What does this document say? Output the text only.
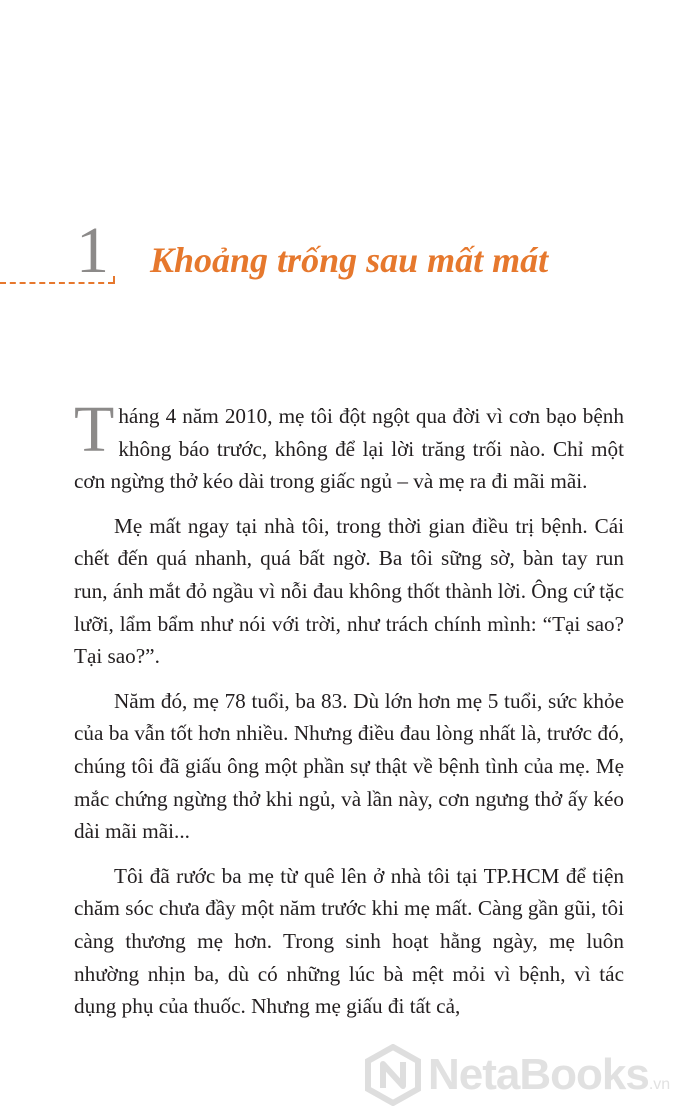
1 Khoảng trống sau mất mát

Tháng 4 năm 2010, mẹ tôi đột ngột qua đời vì cơn bạo bệnh không báo trước, không để lại lời trăng trối nào. Chỉ một cơn ngừng thở kéo dài trong giấc ngủ – và mẹ ra đi mãi mãi.

Mẹ mất ngay tại nhà tôi, trong thời gian điều trị bệnh. Cái chết đến quá nhanh, quá bất ngờ. Ba tôi sững sờ, bàn tay run run, ánh mắt đỏ ngầu vì nỗi đau không thốt thành lời. Ông cứ tặc lưỡi, lẩm bẩm như nói với trời, như trách chính mình: “Tại sao? Tại sao?”.

Năm đó, mẹ 78 tuổi, ba 83. Dù lớn hơn mẹ 5 tuổi, sức khỏe của ba vẫn tốt hơn nhiều. Nhưng điều đau lòng nhất là, trước đó, chúng tôi đã giấu ông một phần sự thật về bệnh tình của mẹ. Mẹ mắc chứng ngừng thở khi ngủ, và lần này, cơn ngưng thở ấy kéo dài mãi mãi...

Tôi đã rước ba mẹ từ quê lên ở nhà tôi tại TP.HCM để tiện chăm sóc chưa đầy một năm trước khi mẹ mất. Càng gần gũi, tôi càng thương mẹ hơn. Trong sinh hoạt hằng ngày, mẹ luôn nhường nhịn ba, dù có những lúc bà mệt mỏi vì bệnh, vì tác dụng phụ của thuốc. Nhưng mẹ giấu đi tất cả,

NetaBooks.vn
